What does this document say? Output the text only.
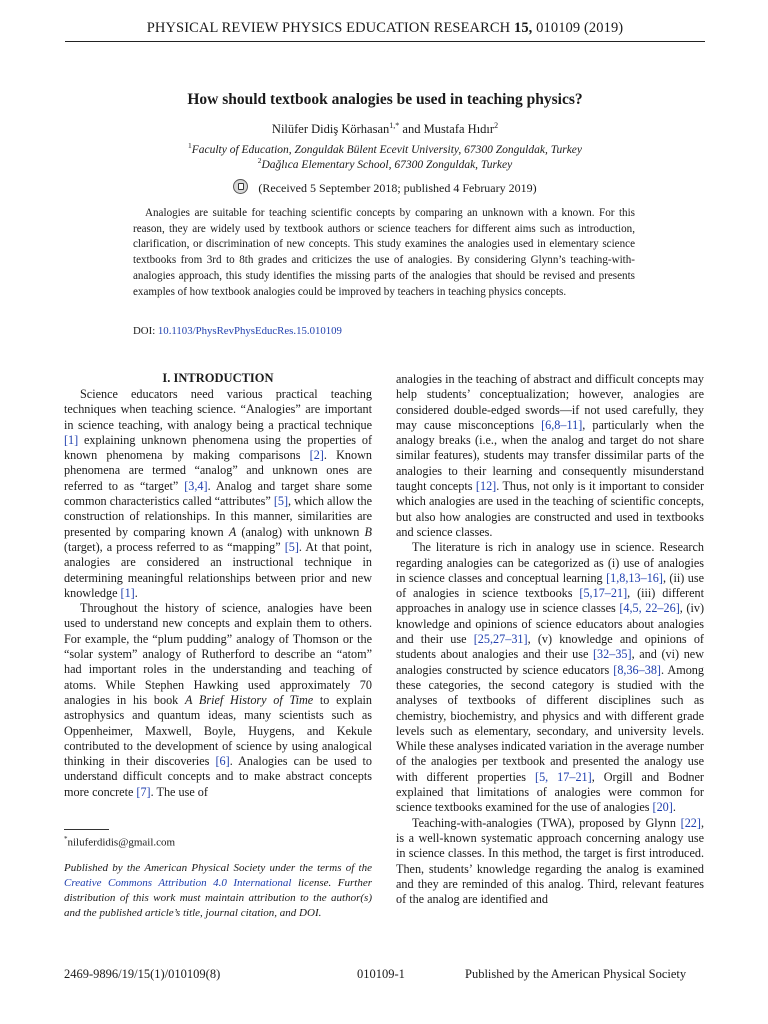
PHYSICAL REVIEW PHYSICS EDUCATION RESEARCH 15, 010109 (2019)
How should textbook analogies be used in teaching physics?
Nilüfer Didiş Körhasan$^{1,*}$ and Mustafa Hıdır$^2$
$^1$Faculty of Education, Zonguldak Bülent Ecevit University, 67300 Zonguldak, Turkey
$^2$Dağlıca Elementary School, 67300 Zonguldak, Turkey
(Received 5 September 2018; published 4 February 2019)

Analogies are suitable for teaching scientific concepts by comparing an unknown with a known. For this reason, they are widely used by textbook authors or science teachers for different aims such as introduction, clarification, or discrimination of new concepts. This study examines the analogies used in elementary science textbooks from 3rd to 8th grades and criticizes the use of analogies. By considering Glynn’s teaching-with-analogies approach, this study identifies the missing parts of the analogies that should be revised and presents examples of how textbook analogies could be improved by teachers in teaching physics concepts.

DOI: 10.1103/PhysRevPhysEducRes.15.010109
I. INTRODUCTION

Science educators need various practical teaching techniques when teaching science. “Analogies” are important in science teaching, with analogy being a practical technique [1] explaining unknown phenomena using the properties of known phenomena by making comparisons [2]. Known phenomena are termed “analog” and unknown ones are referred to as “target” [3,4]. Analog and target share some common characteristics called “attributes” [5], which allow the construction of relationships. In this manner, similarities are presented by comparing known A (analog) with unknown B (target), a process referred to as “mapping” [5]. At that point, analogies are considered an instructional technique in determining meaningful relationships between prior and new knowledge [1].

Throughout the history of science, analogies have been used to understand new concepts and explain them to others. For example, the “plum pudding” analogy of Thomson or the “solar system” analogy of Rutherford to describe an “atom” had important roles in the understanding and teaching of atoms. While Stephen Hawking used approximately 70 analogies in his book A Brief History of Time to explain astrophysics and quantum ideas, many scientists such as Oppenheimer, Maxwell, Boyle, Huygens, and Kekule contributed to the development of science by using analogical thinking in their discoveries [6]. Analogies can be used to understand difficult concepts and to make abstract concepts more concrete [7]. The use of

analogies in the teaching of abstract and difficult concepts may help students’ conceptualization; however, analogies are considered double-edged swords—if not used carefully, they may cause misconceptions [6,8–11], particularly when the analogy breaks (i.e., when the analog and target do not share similar features), students may transfer dissimilar parts of the analogies to their learning and consequently misunderstand taught concepts [12]. Thus, not only is it important to consider which analogies are used in the teaching of scientific concepts, but also how analogies are constructed and used in textbooks and science classes.

The literature is rich in analogy use in science. Research regarding analogies can be categorized as (i) use of analogies in science classes and conceptual learning [1,8,13–16], (ii) use of analogies in science textbooks [5,17–21], (iii) different approaches in analogy use in science classes [4,5, 22–26], (iv) knowledge and opinions of science educators about analogies and their use [25,27–31], (v) knowledge and opinions of students about analogies and their use [32–35], and (vi) new analogies constructed by science educators [8,36–38]. Among these categories, the second category is studied with the analyses of textbooks of different disciplines such as chemistry, biochemistry, and physics and with different grade levels such as elementary, secondary, and university levels. While these analyses indicated variation in the average number of the analogies per textbook and presented the analogy use with different properties [5, 17–21], Orgill and Bodner explained that limitations of analogies were common for science textbooks examined for the use of analogies [20].

Teaching-with-analogies (TWA), proposed by Glynn [22], is a well-known systematic approach concerning analogy use in science classes. In this method, the target is first introduced. Then, students’ knowledge regarding the analog is examined and they are reminded of this analog. Third, relevant features of the analog are identified and

*niluferdidis@gmail.com

Published by the American Physical Society under the terms of the Creative Commons Attribution 4.0 International license. Further distribution of this work must maintain attribution to the author(s) and the published article’s title, journal citation, and DOI.

2469-9896/19/15(1)/010109(8)	010109-1	Published by the American Physical Society
